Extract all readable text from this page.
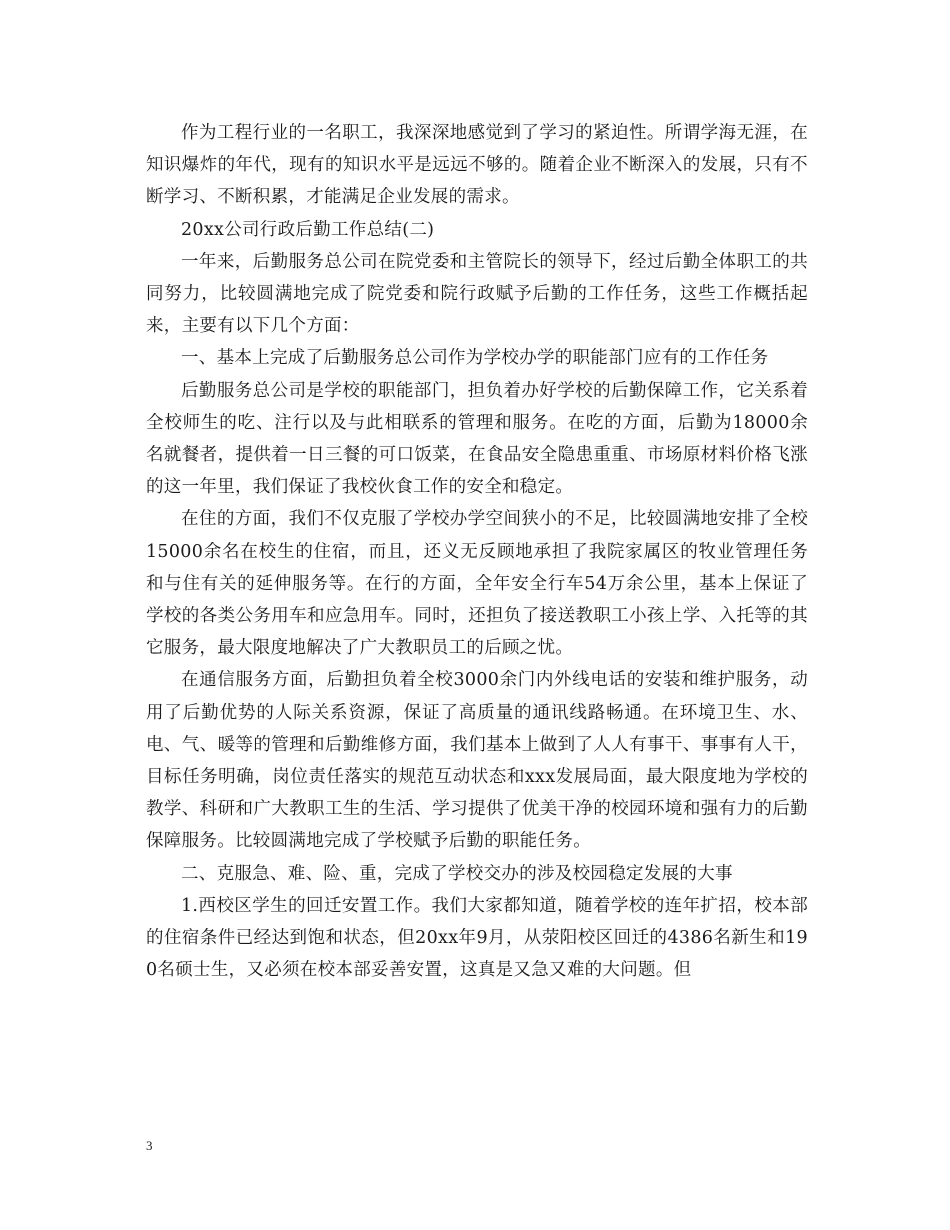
作为工程行业的一名职工，我深深地感觉到了学习的紧迫性。所谓学海无涯，在知识爆炸的年代，现有的知识水平是远远不够的。随着企业不断深入的发展，只有不断学习、不断积累，才能满足企业发展的需求。

20xx公司行政后勤工作总结(二)

一年来，后勤服务总公司在院党委和主管院长的领导下，经过后勤全体职工的共同努力，比较圆满地完成了院党委和院行政赋予后勤的工作任务，这些工作概括起来，主要有以下几个方面：

一、基本上完成了后勤服务总公司作为学校办学的职能部门应有的工作任务

后勤服务总公司是学校的职能部门，担负着办好学校的后勤保障工作，它关系着全校师生的吃、注行以及与此相联系的管理和服务。在吃的方面，后勤为18000余名就餐者，提供着一日三餐的可口饭菜，在食品安全隐患重重、市场原材料价格飞涨的这一年里，我们保证了我校伙食工作的安全和稳定。

在住的方面，我们不仅克服了学校办学空间狭小的不足，比较圆满地安排了全校15000余名在校生的住宿，而且，还义无反顾地承担了我院家属区的牧业管理任务和与住有关的延伸服务等。在行的方面，全年安全行车54万余公里，基本上保证了学校的各类公务用车和应急用车。同时，还担负了接送教职工小孩上学、入托等的其它服务，最大限度地解决了广大教职员工的后顾之忧。

在通信服务方面，后勤担负着全校3000余门内外线电话的安装和维护服务，动用了后勤优势的人际关系资源，保证了高质量的通讯线路畅通。在环境卫生、水、电、气、暖等的管理和后勤维修方面，我们基本上做到了人人有事干、事事有人干，目标任务明确，岗位责任落实的规范互动状态和xxx发展局面，最大限度地为学校的教学、科研和广大教职工生的生活、学习提供了优美干净的校园环境和强有力的后勤保障服务。比较圆满地完成了学校赋予后勤的职能任务。

二、克服急、难、险、重，完成了学校交办的涉及校园稳定发展的大事

1.西校区学生的回迁安置工作。我们大家都知道，随着学校的连年扩招，校本部的住宿条件已经达到饱和状态，但20xx年9月，从荥阳校区回迁的4386名新生和190名硕士生，又必须在校本部妥善安置，这真是又急又难的大问题。但

3
